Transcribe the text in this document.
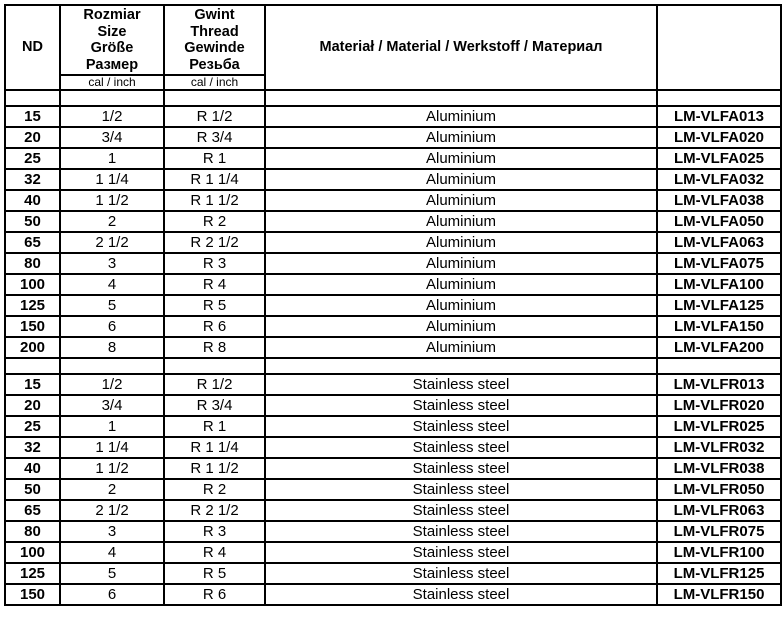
ND	Rozmiar
Size
Größe
Размер	Gwint
Thread
Gewinde
Резьба	Materiał / Material / Werkstoff / Материал	
	cal / inch	cal / inch		

15	1/2	R 1/2	Aluminium	LM-VLFA013
20	3/4	R 3/4	Aluminium	LM-VLFA020
25	1	R 1	Aluminium	LM-VLFA025
32	1 1/4	R 1 1/4	Aluminium	LM-VLFA032
40	1 1/2	R 1 1/2	Aluminium	LM-VLFA038
50	2	R 2	Aluminium	LM-VLFA050
65	2 1/2	R 2 1/2	Aluminium	LM-VLFA063
80	3	R 3	Aluminium	LM-VLFA075
100	4	R 4	Aluminium	LM-VLFA100
125	5	R 5	Aluminium	LM-VLFA125
150	6	R 6	Aluminium	LM-VLFA150
200	8	R 8	Aluminium	LM-VLFA200

15	1/2	R 1/2	Stainless steel	LM-VLFR013
20	3/4	R 3/4	Stainless steel	LM-VLFR020
25	1	R 1	Stainless steel	LM-VLFR025
32	1 1/4	R 1 1/4	Stainless steel	LM-VLFR032
40	1 1/2	R 1 1/2	Stainless steel	LM-VLFR038
50	2	R 2	Stainless steel	LM-VLFR050
65	2 1/2	R 2 1/2	Stainless steel	LM-VLFR063
80	3	R 3	Stainless steel	LM-VLFR075
100	4	R 4	Stainless steel	LM-VLFR100
125	5	R 5	Stainless steel	LM-VLFR125
150	6	R 6	Stainless steel	LM-VLFR150
